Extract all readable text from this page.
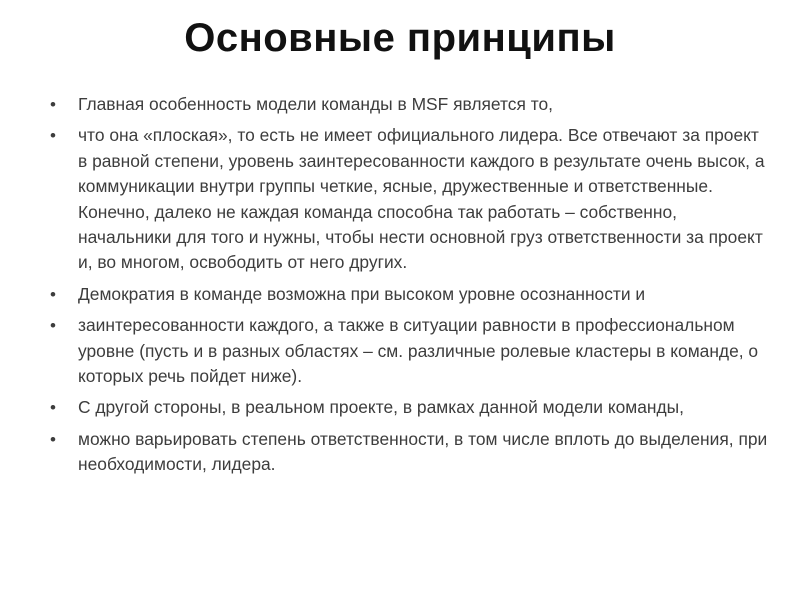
Основные принципы
• Главная особенность модели команды в MSF является то,
• что она «плоская», то есть не имеет официального лидера. Все отвечают за проект в равной степени, уровень заинтересованности каждого в результате очень высок, а коммуникации внутри группы четкие, ясные, дружественные и ответственные. Конечно, далеко не каждая команда способна так работать – собственно, начальники для того и нужны, чтобы нести основной груз ответственности за проект и, во многом, освободить от него других.
• Демократия в команде возможна при высоком уровне осознанности и
• заинтересованности каждого, а также в ситуации равности в профессиональном уровне (пусть и в разных областях – см. различные ролевые кластеры в команде, о которых речь пойдет ниже).
• С другой стороны, в реальном проекте, в рамках данной модели команды,
• можно варьировать степень ответственности, в том числе вплоть до выделения, при необходимости, лидера.
